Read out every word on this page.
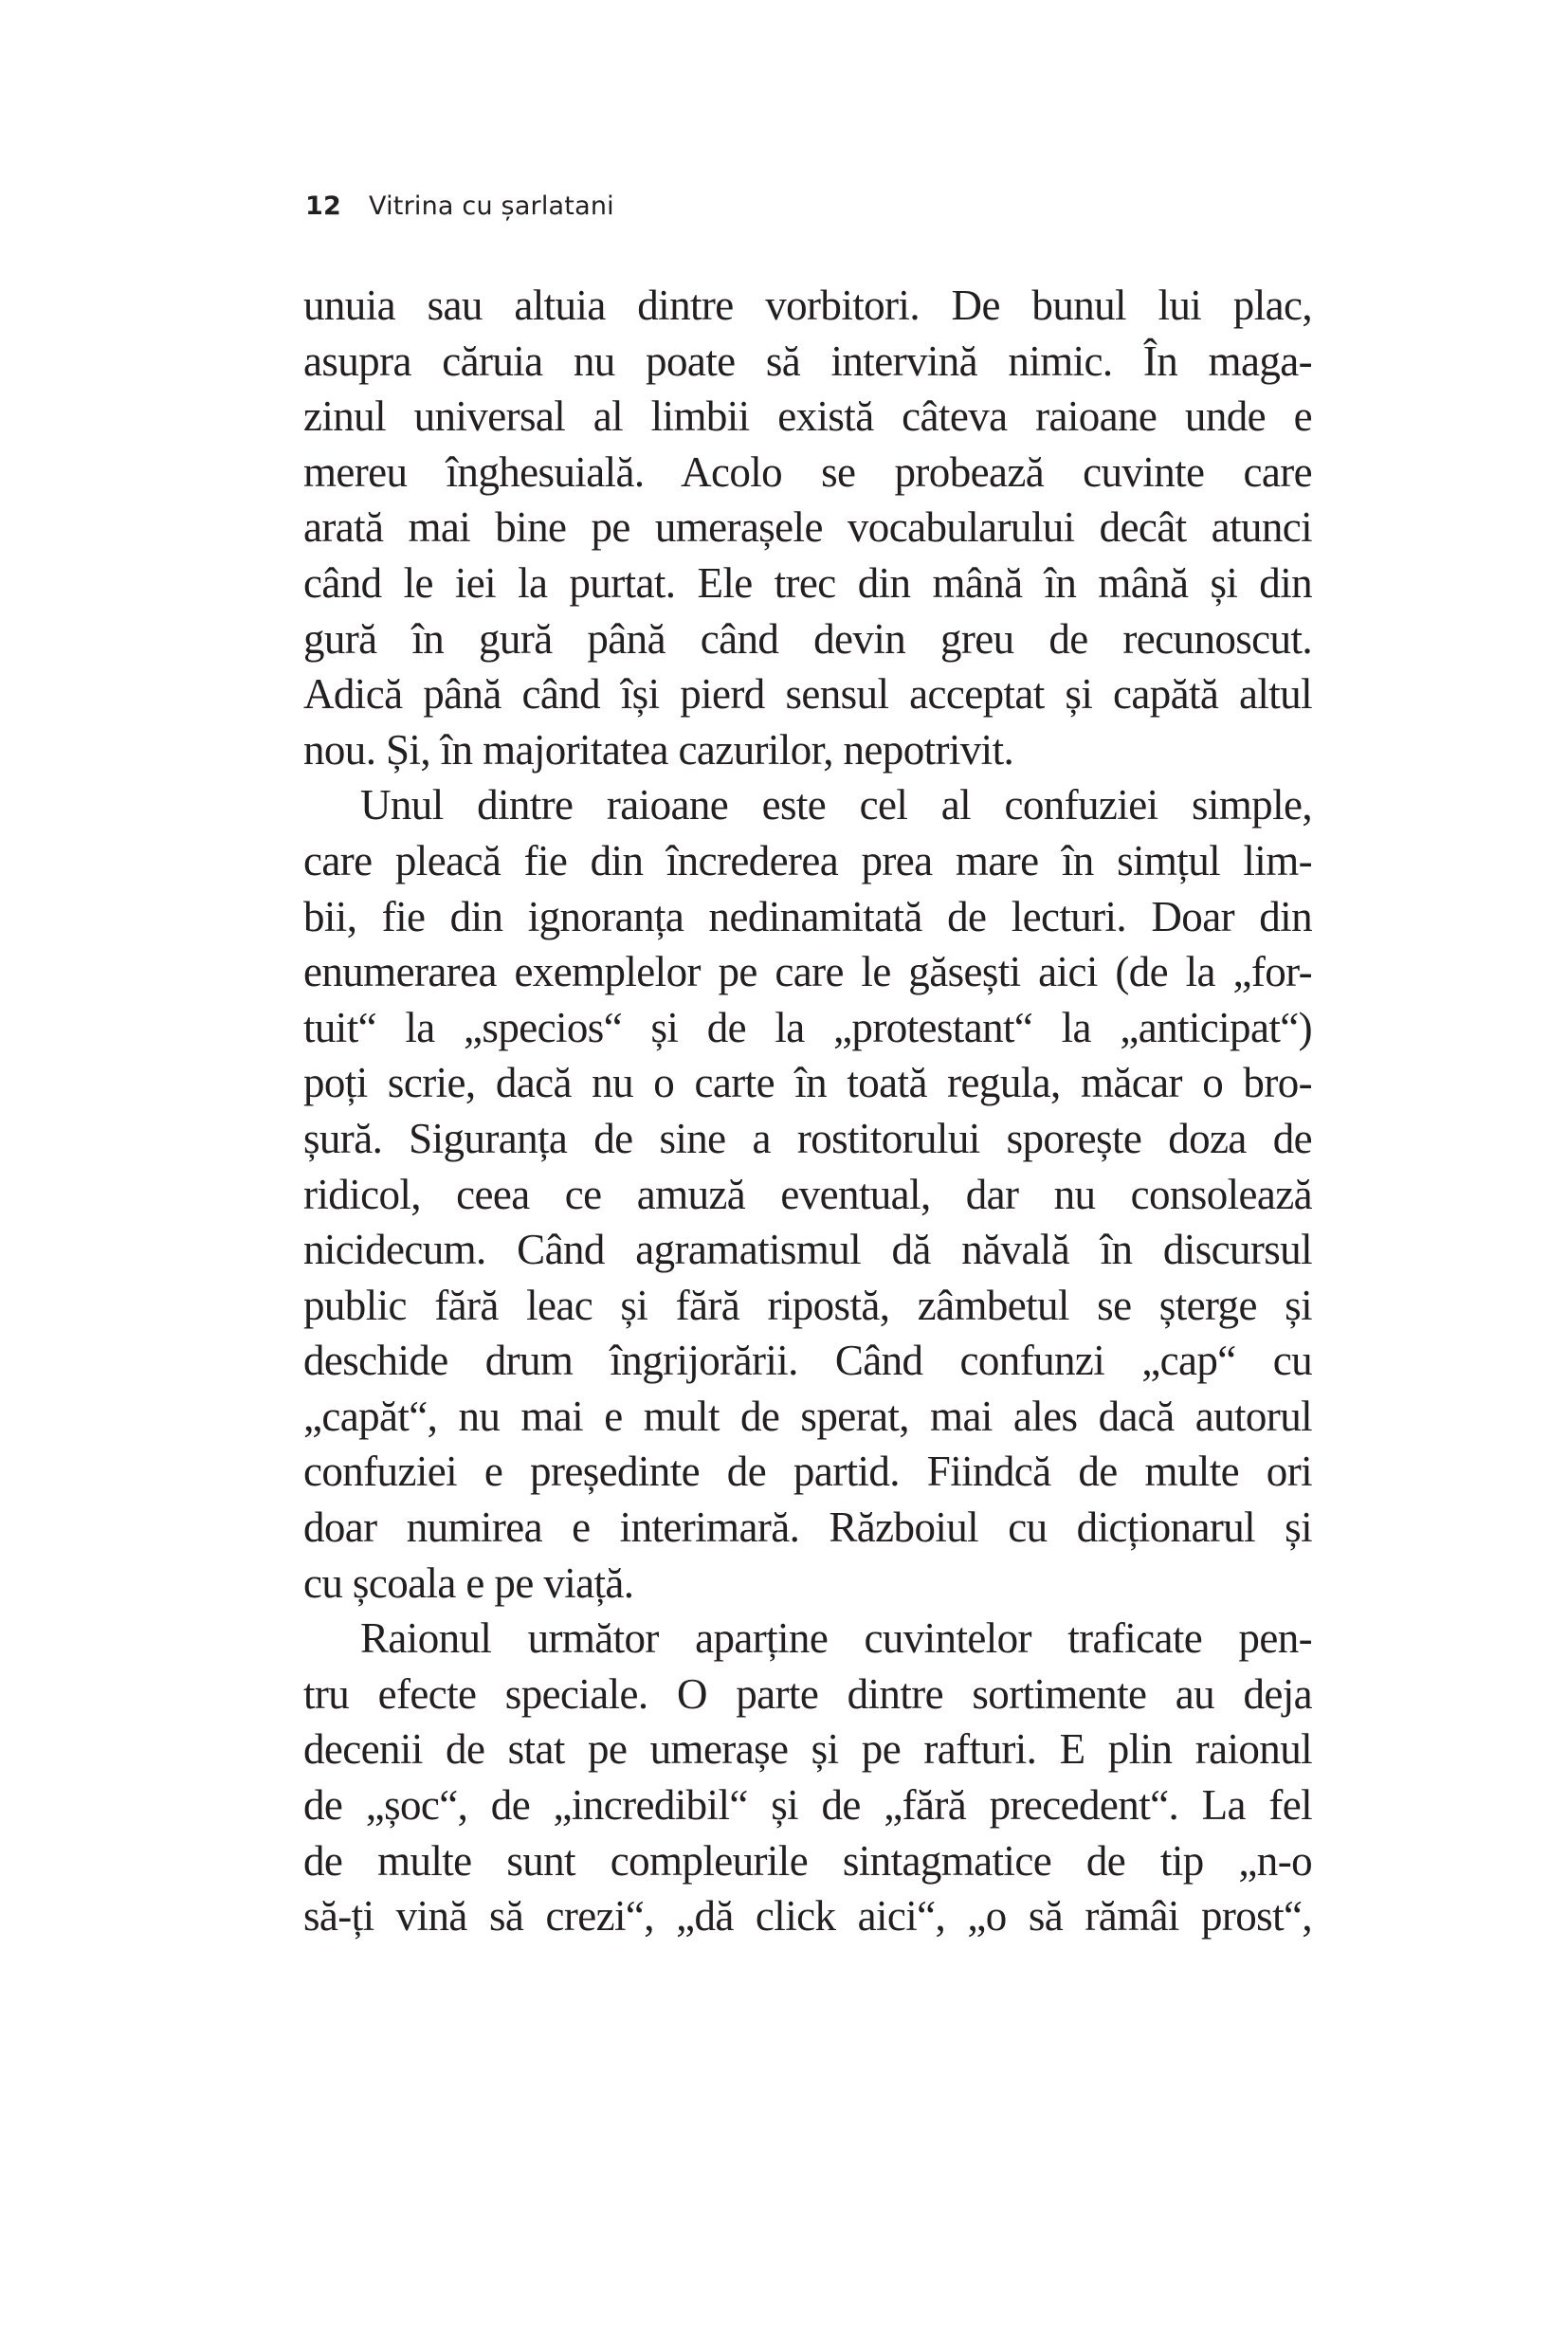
12 Vitrina cu șarlatani
unuia sau altuia dintre vorbitori. De bunul lui plac,
asupra căruia nu poate să intervină nimic. În maga-
zinul universal al limbii există câteva raioane unde e
mereu înghesuială. Acolo se probează cuvinte care
arată mai bine pe umerașele vocabularului decât atunci
când le iei la purtat. Ele trec din mână în mână și din
gură în gură până când devin greu de recunoscut.
Adică până când își pierd sensul acceptat și capătă altul
nou. Și, în majoritatea cazurilor, nepotrivit.
Unul dintre raioane este cel al confuziei simple,
care pleacă fie din încrederea prea mare în simțul lim-
bii, fie din ignoranța nedinamitată de lecturi. Doar din
enumerarea exemplelor pe care le găsești aici (de la „for-
tuit“ la „specios“ și de la „protestant“ la „anticipat“)
poți scrie, dacă nu o carte în toată regula, măcar o bro-
șură. Siguranța de sine a rostitorului sporește doza de
ridicol, ceea ce amuză eventual, dar nu consolează
nicidecum. Când agramatismul dă năvală în discursul
public fără leac și fără ripostă, zâmbetul se șterge și
deschide drum îngrijorării. Când confunzi „cap“ cu
„capăt“, nu mai e mult de sperat, mai ales dacă autorul
confuziei e președinte de partid. Fiindcă de multe ori
doar numirea e interimară. Războiul cu dicționarul și
cu școala e pe viață.
Raionul următor aparține cuvintelor traficate pen-
tru efecte speciale. O parte dintre sortimente au deja
decenii de stat pe umerașe și pe rafturi. E plin raionul
de „șoc“, de „incredibil“ și de „fără precedent“. La fel
de multe sunt compleurile sintagmatice de tip „n-o
să-ți vină să crezi“, „dă click aici“, „o să rămâi prost“,
